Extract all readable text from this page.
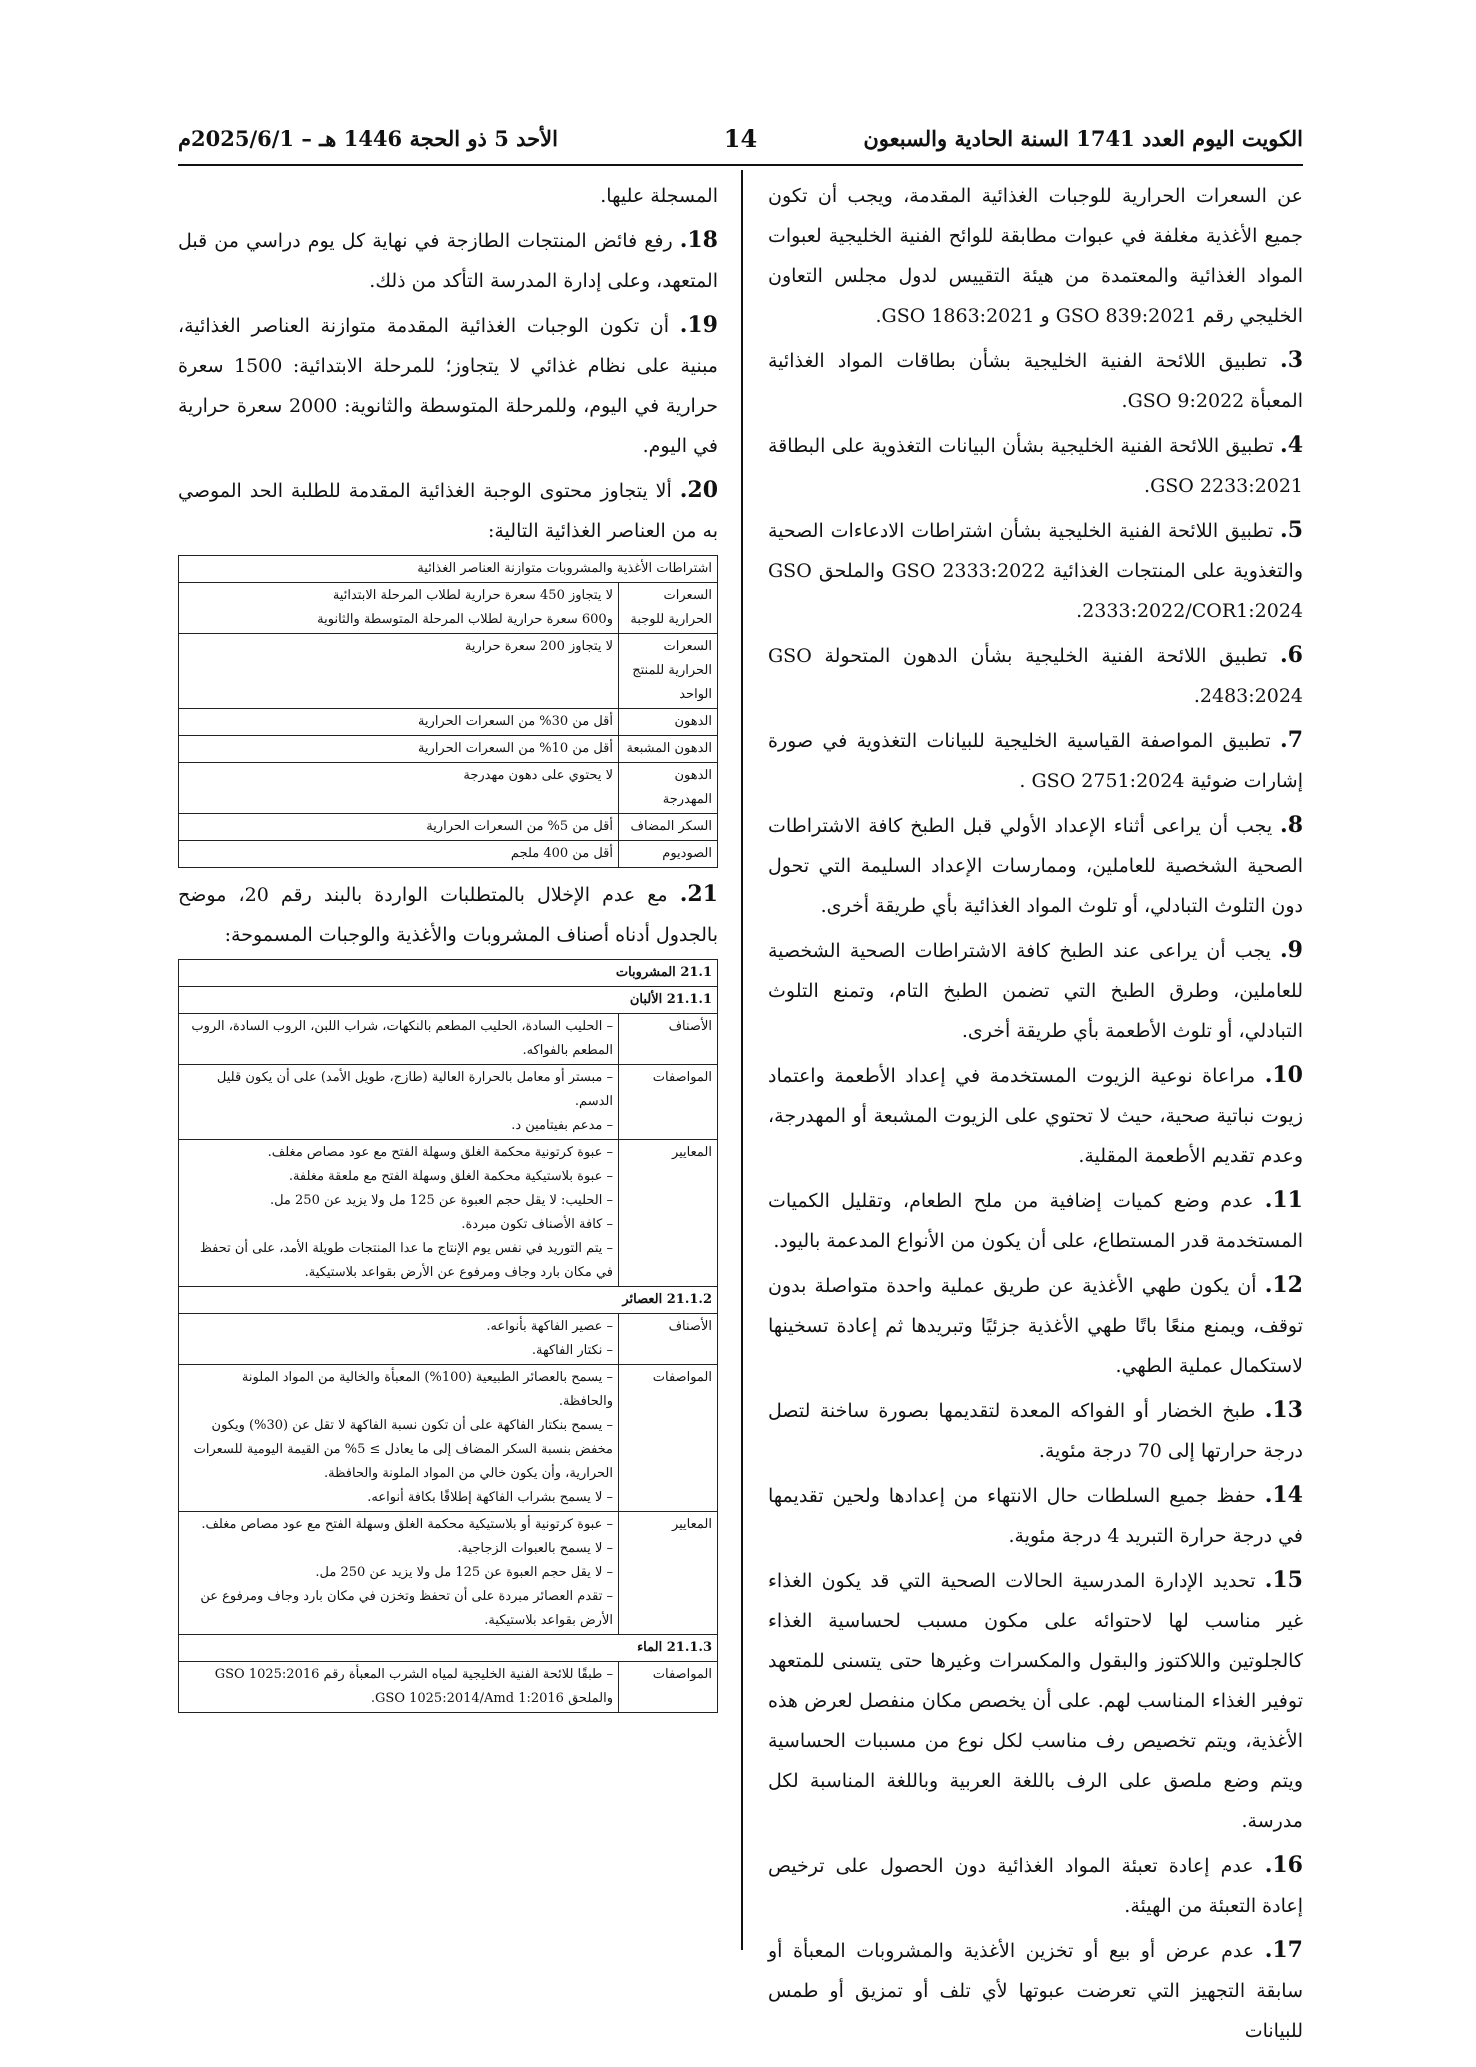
الكويت اليوم العدد 1741 السنة الحادية والسبعون
14
الأحد 5 ذو الحجة 1446 هـ – 2025/6/1م

عن السعرات الحرارية للوجبات الغذائية المقدمة، ويجب أن تكون جميع الأغذية مغلفة في عبوات مطابقة للوائح الفنية الخليجية لعبوات المواد الغذائية والمعتمدة من هيئة التقييس لدول مجلس التعاون الخليجي رقم GSO 839:2021 و GSO 1863:2021.

3. تطبيق اللائحة الفنية الخليجية بشأن بطاقات المواد الغذائية المعبأة GSO 9:2022.

4. تطبيق اللائحة الفنية الخليجية بشأن البيانات التغذوية على البطاقة GSO 2233:2021.

5. تطبيق اللائحة الفنية الخليجية بشأن اشتراطات الادعاءات الصحية والتغذوية على المنتجات الغذائية GSO 2333:2022 والملحق GSO 2333:2022/COR1:2024.

6. تطبيق اللائحة الفنية الخليجية بشأن الدهون المتحولة GSO 2483:2024.

7. تطبيق المواصفة القياسية الخليجية للبيانات التغذوية في صورة إشارات ضوئية GSO 2751:2024 .

8. يجب أن يراعى أثناء الإعداد الأولي قبل الطبخ كافة الاشتراطات الصحية الشخصية للعاملين، وممارسات الإعداد السليمة التي تحول دون التلوث التبادلي، أو تلوث المواد الغذائية بأي طريقة أخرى.

9. يجب أن يراعى عند الطبخ كافة الاشتراطات الصحية الشخصية للعاملين، وطرق الطبخ التي تضمن الطبخ التام، وتمنع التلوث التبادلي، أو تلوث الأطعمة بأي طريقة أخرى.

10. مراعاة نوعية الزيوت المستخدمة في إعداد الأطعمة واعتماد زيوت نباتية صحية، حيث لا تحتوي على الزيوت المشبعة أو المهدرجة، وعدم تقديم الأطعمة المقلية.

11. عدم وضع كميات إضافية من ملح الطعام، وتقليل الكميات المستخدمة قدر المستطاع، على أن يكون من الأنواع المدعمة باليود.

12. أن يكون طهي الأغذية عن طريق عملية واحدة متواصلة بدون توقف، ويمنع منعًا باتًا طهي الأغذية جزئيًا وتبريدها ثم إعادة تسخينها لاستكمال عملية الطهي.

13. طبخ الخضار أو الفواكه المعدة لتقديمها بصورة ساخنة لتصل درجة حرارتها إلى 70 درجة مئوية.

14. حفظ جميع السلطات حال الانتهاء من إعدادها ولحين تقديمها في درجة حرارة التبريد 4 درجة مئوية.

15. تحديد الإدارة المدرسية الحالات الصحية التي قد يكون الغذاء غير مناسب لها لاحتوائه على مكون مسبب لحساسية الغذاء كالجلوتين واللاكتوز والبقول والمكسرات وغيرها حتى يتسنى للمتعهد توفير الغذاء المناسب لهم. على أن يخصص مكان منفصل لعرض هذه الأغذية، ويتم تخصيص رف مناسب لكل نوع من مسببات الحساسية ويتم وضع ملصق على الرف باللغة العربية وباللغة المناسبة لكل مدرسة.

16. عدم إعادة تعبئة المواد الغذائية دون الحصول على ترخيص إعادة التعبئة من الهيئة.

17. عدم عرض أو بيع أو تخزين الأغذية والمشروبات المعبأة أو سابقة التجهيز التي تعرضت عبوتها لأي تلف أو تمزيق أو طمس للبيانات

المسجلة عليها.

18. رفع فائض المنتجات الطازجة في نهاية كل يوم دراسي من قبل المتعهد، وعلى إدارة المدرسة التأكد من ذلك.

19. أن تكون الوجبات الغذائية المقدمة متوازنة العناصر الغذائية، مبنية على نظام غذائي لا يتجاوز؛ للمرحلة الابتدائية: 1500 سعرة حرارية في اليوم، وللمرحلة المتوسطة والثانوية: 2000 سعرة حرارية في اليوم.

20. ألا يتجاوز محتوى الوجبة الغذائية المقدمة للطلبة الحد الموصي به من العناصر الغذائية التالية:

اشتراطات الأغذية والمشروبات متوازنة العناصر الغذائية	
السعرات الحرارية للوجبة	لا يتجاوز 450 سعرة حرارية لطلاب المرحلة الابتدائية
و600 سعرة حرارية لطلاب المرحلة المتوسطة والثانوية

السعرات الحرارية للمنتج الواحد	لا يتجاوز 200 سعرة حرارية

الدهون	أقل من 30% من السعرات الحرارية

الدهون المشبعة	أقل من 10% من السعرات الحرارية

الدهون المهدرجة	لا يحتوي على دهون مهدرجة

السكر المضاف	أقل من 5% من السعرات الحرارية

الصوديوم	أقل من 400 ملجم

21. مع عدم الإخلال بالمتطلبات الواردة بالبند رقم 20، موضح بالجدول أدناه أصناف المشروبات والأغذية والوجبات المسموحة:

21.1 المشروبات	
21.1.1 الألبان	
الأصناف	– الحليب السادة، الحليب المطعم بالنكهات، شراب اللبن، الروب السادة، الروب المطعم بالفواكه.

المواصفات	– مبستر أو معامل بالحرارة العالية (طازج، طويل الأمد) على أن يكون قليل الدسم.
– مدعم بفيتامين د.

المعايير	– عبوة كرتونية محكمة الغلق وسهلة الفتح مع عود مصاص مغلف.
– عبوة بلاستيكية محكمة الغلق وسهلة الفتح مع ملعقة مغلفة.
– الحليب: لا يقل حجم العبوة عن 125 مل ولا يزيد عن 250 مل.
– كافة الأصناف تكون مبردة.
– يتم التوريد في نفس يوم الإنتاج ما عدا المنتجات طويلة الأمد، على أن تحفظ في مكان بارد وجاف ومرفوع عن الأرض بقواعد بلاستيكية.

21.1.2 العصائر	
الأصناف	– عصير الفاكهة بأنواعه.
– نكتار الفاكهة.

المواصفات	– يسمح بالعصائر الطبيعية (100%) المعبأة والخالية من المواد الملونة والحافظة.
– يسمح بنكتار الفاكهة على أن تكون نسبة الفاكهة لا تقل عن (30%) ويكون مخفض بنسبة السكر المضاف إلى ما يعادل ≥ 5% من القيمة اليومية للسعرات الحرارية، وأن يكون خالي من المواد الملونة والحافظة.
– لا يسمح بشراب الفاكهة إطلاقًا بكافة أنواعه.

المعايير	– عبوة كرتونية أو بلاستيكية محكمة الغلق وسهلة الفتح مع عود مصاص مغلف.
– لا يسمح بالعبوات الزجاجية.
– لا يقل حجم العبوة عن 125 مل ولا يزيد عن 250 مل.
– تقدم العصائر مبردة على أن تحفظ وتخزن في مكان بارد وجاف ومرفوع عن الأرض بقواعد بلاستيكية.

21.1.3 الماء	
المواصفات	– طبقًا للائحة الفنية الخليجية لمياه الشرب المعبأة رقم GSO 1025:2016 والملحق GSO 1025:2014/Amd 1:2016.
